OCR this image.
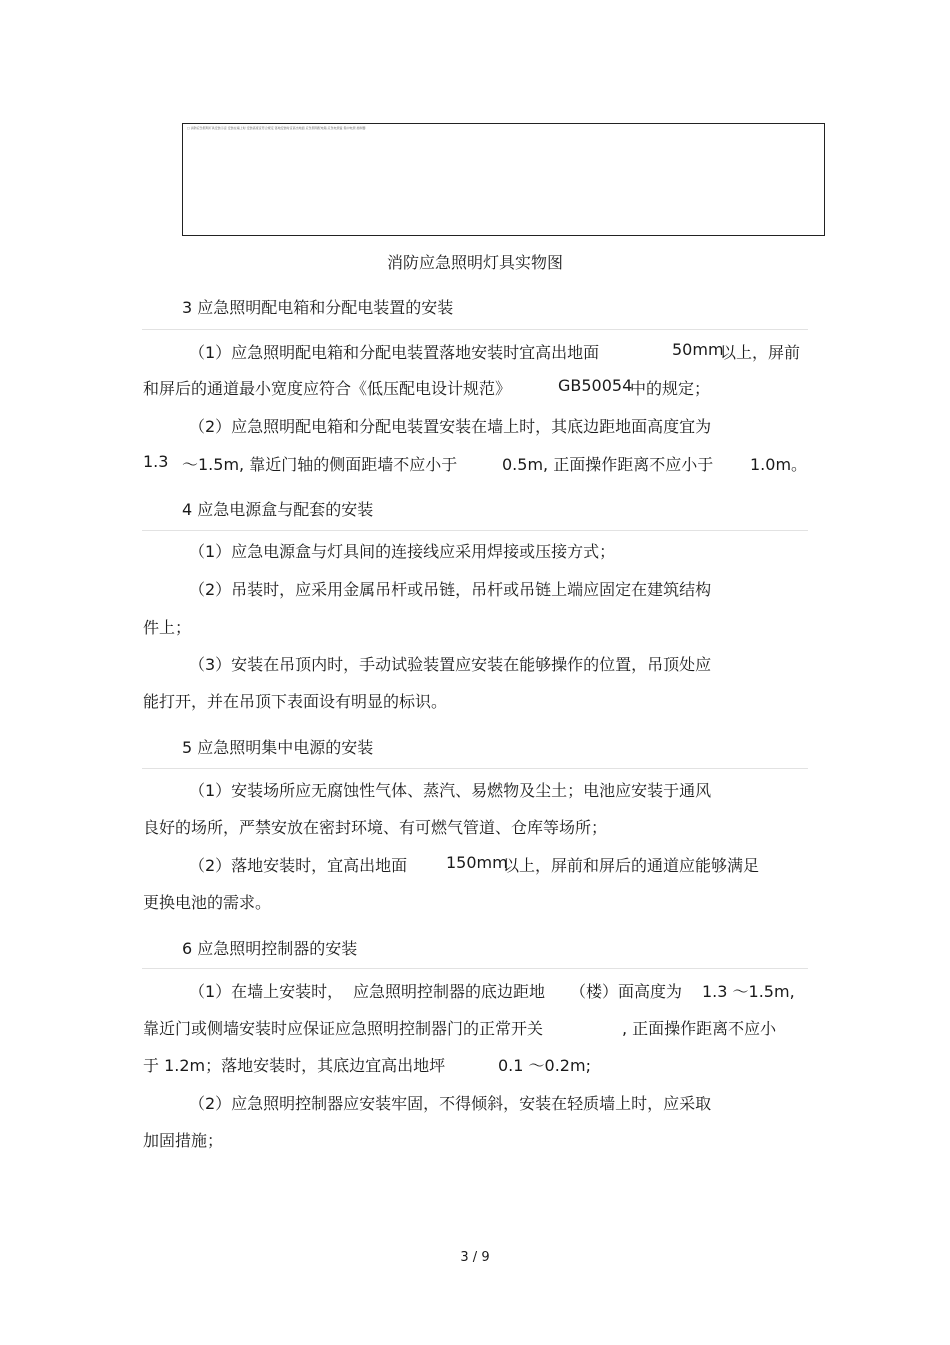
□ 消防应急照明灯具安装示意 安装在墙上时 安装高度宜符合规定 落地安装时宜高出地面 应急照明配电箱 应急电源盒 集中电源 控制器
消防应急照明灯具实物图
3 应急照明配电箱和分配电装置的安装
（1）应急照明配电箱和分配电装置落地安装时宜高出地面	50mm
以上，屏前
和屏后的通道最小宽度应符合《低压配电设计规范》	GB50054
中的规定；
（2）应急照明配电箱和分配电装置安装在墙上时，其底边距地面高度宜为
1.3 ～1.5m, 靠近门轴的侧面距墙不应小于	0.5m, 正面操作距离不应小于 1.0m。
4 应急电源盒与配套的安装
（1）应急电源盒与灯具间的连接线应采用焊接或压接方式；
（2）吊装时，应采用金属吊杆或吊链，吊杆或吊链上端应固定在建筑结构
件上；
（3）安装在吊顶内时，手动试验装置应安装在能够操作的位置，吊顶处应
能打开，并在吊顶下表面设有明显的标识。
5 应急照明集中电源的安装
（1）安装场所应无腐蚀性气体、蒸汽、易燃物及尘土；电池应安装于通风
良好的场所，严禁安放在密封环境、有可燃气管道、仓库等场所；
（2）落地安装时，宜高出地面 150mm
以上，屏前和屏后的通道应能够满足
更换电池的需求。
6 应急照明控制器的安装
（1）在墙上安装时， 应急照明控制器的底边距地 （楼）面高度为 1.3 ～1.5m,
靠近门或侧墙安装时应保证应急照明控制器门的正常开关	, 正面操作距离不应小
于 1.2m；落地安装时，其底边宜高出地坪	0.1 ～0.2m;
（2）应急照明控制器应安装牢固，不得倾斜，安装在轻质墙上时，应采取
加固措施；
3 / 9
